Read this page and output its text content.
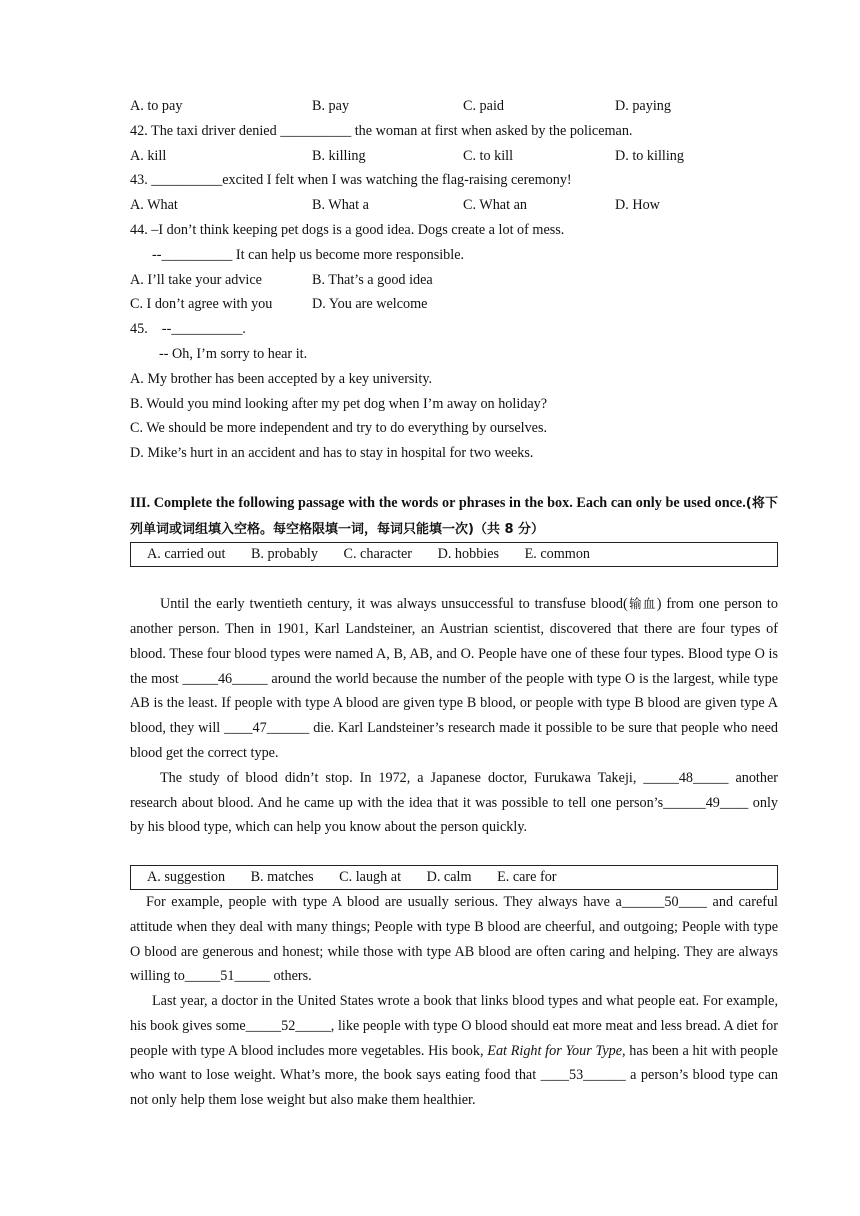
A. to pay	B. pay	C. paid	D. paying
42. The taxi driver denied __________ the woman at first when asked by the policeman.
A. kill	B. killing	C. to kill	D. to killing
43. __________excited I felt when I was watching the flag-raising ceremony!
A. What	B. What a	C. What an	D. How
44. –I don’t think keeping pet dogs is a good idea. Dogs create a lot of mess.
--__________ It can help us become more responsible.
A. I’ll take your advice	B. That’s a good idea
C. I don’t agree with you	D. You are welcome
45.    --__________.
-- Oh, I’m sorry to hear it.
A. My brother has been accepted by a key university.
B. Would you mind looking after my pet dog when I’m away on holiday?
C. We should be more independent and try to do everything by ourselves.
D. Mike’s hurt in an accident and has to stay in hospital for two weeks.
III. Complete the following passage with the words or phrases in the box. Each can only be used once.(将下列单词或词组填入空格。每空格限填一词，每词只能填一次)（共 8 分）
A. carried out B. probably C. character D. hobbies E. common
Until the early twentieth century, it was always unsuccessful to transfuse blood(输血) from one person to another person. Then in 1901, Karl Landsteiner, an Austrian scientist, discovered that there are four types of blood. These four blood types were named A, B, AB, and O. People have one of these four types. Blood type O is the most _____46_____ around the world because the number of the people with type O is the largest, while type AB is the least. If people with type A blood are given type B blood, or people with type B blood are given type A blood, they will ____47______ die. Karl Landsteiner’s research made it possible to be sure that people who need blood get the correct type.
The study of blood didn’t stop. In 1972, a Japanese doctor, Furukawa Takeji, _____48_____ another research about blood. And he came up with the idea that it was possible to tell one person’s______49____ only by his blood type, which can help you know about the person quickly.
A. suggestion B. matches C. laugh at D. calm E. care for
For example, people with type A blood are usually serious. They always have a______50____ and careful attitude when they deal with many things; People with type B blood are cheerful, and outgoing; People with type O blood are generous and honest; while those with type AB blood are often caring and helping. They are always willing to_____51_____ others.
Last year, a doctor in the United States wrote a book that links blood types and what people eat. For example, his book gives some_____52_____, like people with type O blood should eat more meat and less bread. A diet for people with type A blood includes more vegetables. His book, Eat Right for Your Type, has been a hit with people who want to lose weight. What’s more, the book says eating food that ____53______ a person’s blood type can not only help them lose weight but also make them healthier.
